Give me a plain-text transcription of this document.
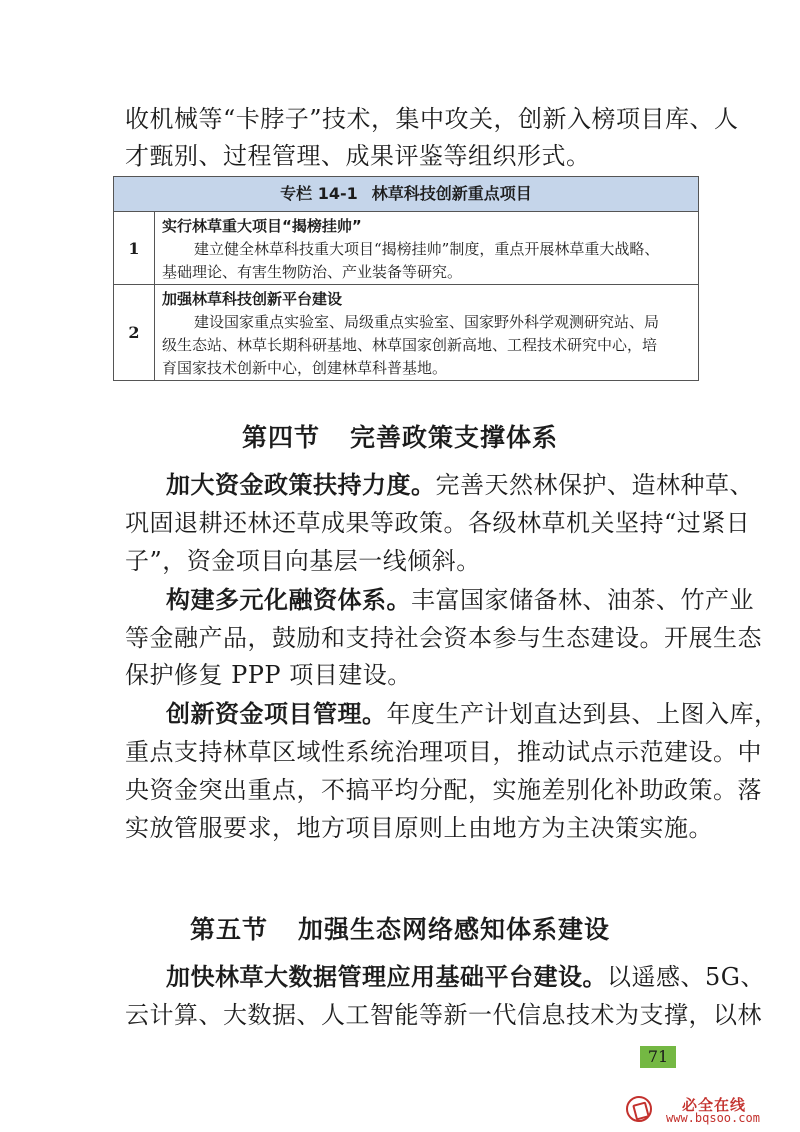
收机械等“卡脖子”技术，集中攻关，创新入榜项目库、人
才甄别、过程管理、成果评鉴等组织形式。
专栏 14-1 林草科技创新重点项目
1
实行林草重大项目“揭榜挂帅”
建立健全林草科技重大项目“揭榜挂帅”制度，重点开展林草重大战略、
基础理论、有害生物防治、产业装备等研究。
2
加强林草科技创新平台建设
建设国家重点实验室、局级重点实验室、国家野外科学观测研究站、局
级生态站、林草长期科研基地、林草国家创新高地、工程技术研究中心，培
育国家技术创新中心，创建林草科普基地。
第四节 完善政策支撑体系
加大资金政策扶持力度。完善天然林保护、造林种草、
巩固退耕还林还草成果等政策。各级林草机关坚持“过紧日
子”，资金项目向基层一线倾斜。
构建多元化融资体系。丰富国家储备林、油茶、竹产业
等金融产品，鼓励和支持社会资本参与生态建设。开展生态
保护修复 PPP 项目建设。
创新资金项目管理。年度生产计划直达到县、上图入库，
重点支持林草区域性系统治理项目，推动试点示范建设。中
央资金突出重点，不搞平均分配，实施差别化补助政策。落
实放管服要求，地方项目原则上由地方为主决策实施。
第五节 加强生态网络感知体系建设
加快林草大数据管理应用基础平台建设。以遥感、5G、
云计算、大数据、人工智能等新一代信息技术为支撑，以林
71
必全在线
www.bqsoo.com
